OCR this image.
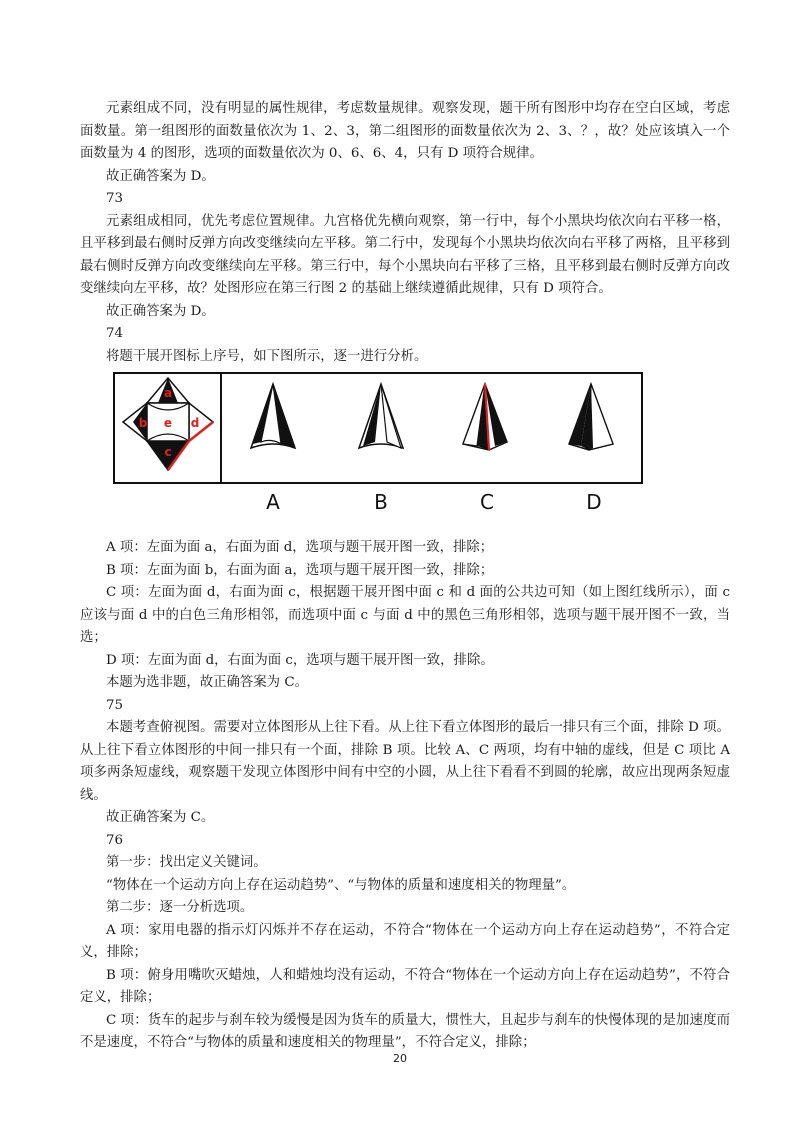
元素组成不同，没有明显的属性规律，考虑数量规律。观察发现，题干所有图形中均存在空白区域，考虑面数量。第一组图形的面数量依次为 1、2、3，第二组图形的面数量依次为 2、3、？，故？处应该填入一个面数量为 4 的图形，选项的面数量依次为 0、6、6、4，只有 D 项符合规律。

故正确答案为 D。

73

元素组成相同，优先考虑位置规律。九宫格优先横向观察，第一行中，每个小黑块均依次向右平移一格，且平移到最右侧时反弹方向改变继续向左平移。第二行中，发现每个小黑块均依次向右平移了两格，且平移到最右侧时反弹方向改变继续向左平移。第三行中，每个小黑块向右平移了三格，且平移到最右侧时反弹方向改变继续向左平移，故？处图形应在第三行图 2 的基础上继续遵循此规律，只有 D 项符合。

故正确答案为 D。

74

将题干展开图标上序号，如下图所示，逐一进行分析。

a
b e d
c
A	B	C	D

A 项：左面为面 a，右面为面 d，选项与题干展开图一致，排除；

B 项：左面为面 b，右面为面 a，选项与题干展开图一致，排除；

C 项：左面为面 d，右面为面 c，根据题干展开图中面 c 和 d 面的公共边可知（如上图红线所示），面 c 应该与面 d 中的白色三角形相邻，而选项中面 c 与面 d 中的黑色三角形相邻，选项与题干展开图不一致，当选；

D 项：左面为面 d，右面为面 c，选项与题干展开图一致，排除。

本题为选非题，故正确答案为 C。

75

本题考查俯视图。需要对立体图形从上往下看。从上往下看立体图形的最后一排只有三个面，排除 D 项。从上往下看立体图形的中间一排只有一个面，排除 B 项。比较 A、C 两项，均有中轴的虚线，但是 C 项比 A 项多两条短虚线，观察题干发现立体图形中间有中空的小圆，从上往下看看不到圆的轮廓，故应出现两条短虚线。

故正确答案为 C。

76

第一步：找出定义关键词。

“物体在一个运动方向上存在运动趋势”、“与物体的质量和速度相关的物理量”。

第二步：逐一分析选项。

A 项：家用电器的指示灯闪烁并不存在运动，不符合“物体在一个运动方向上存在运动趋势”，不符合定义，排除；

B 项：俯身用嘴吹灭蜡烛，人和蜡烛均没有运动，不符合“物体在一个运动方向上存在运动趋势”，不符合定义，排除；

C 项：货车的起步与刹车较为缓慢是因为货车的质量大，惯性大，且起步与刹车的快慢体现的是加速度而不是速度，不符合“与物体的质量和速度相关的物理量”，不符合定义，排除；

20
